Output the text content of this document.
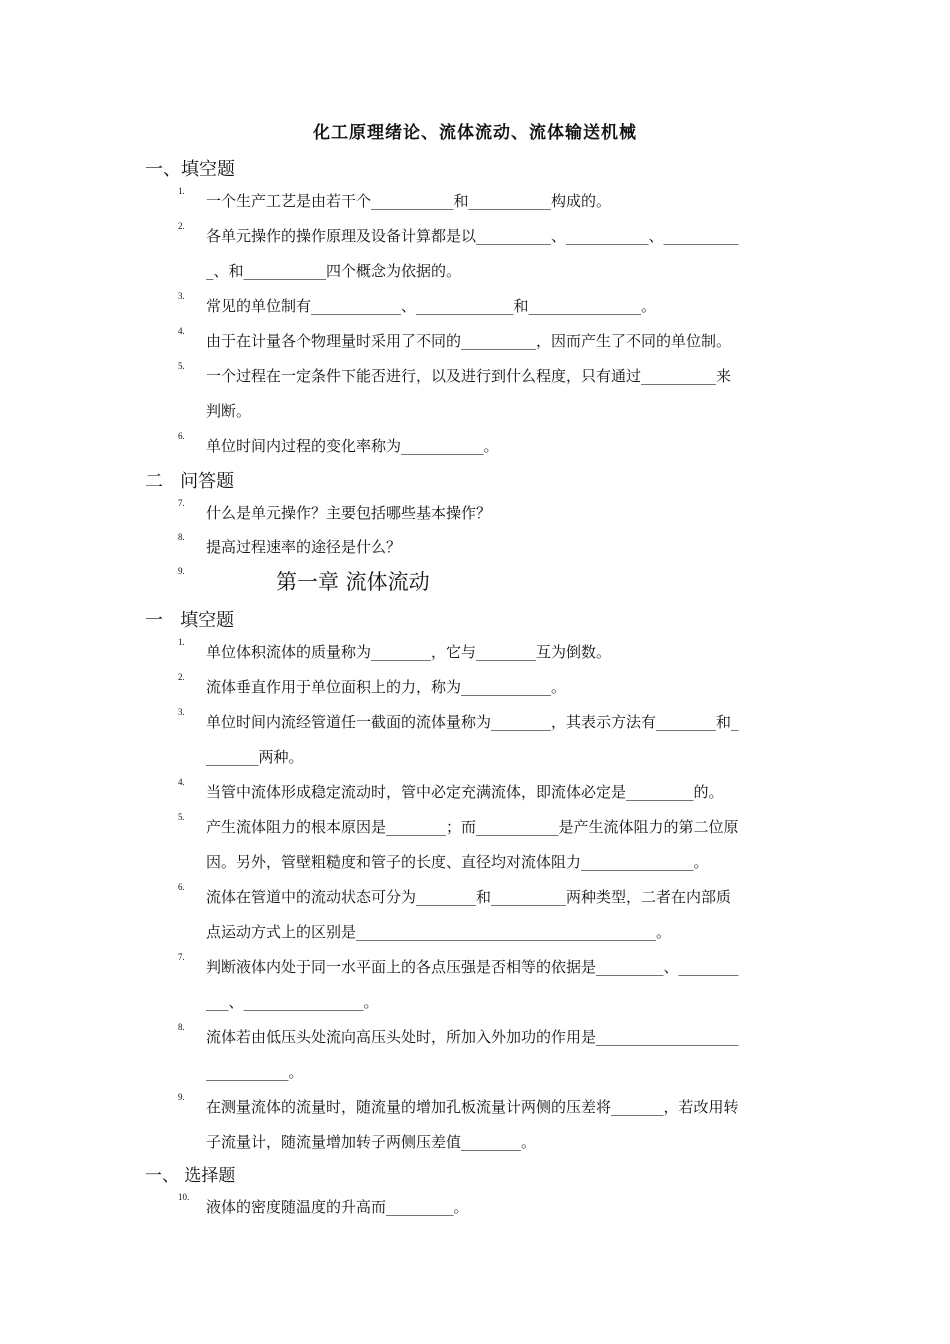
化工原理绪论、流体流动、流体输送机械
一、填空题
二   问答题
第一章 流体流动
一   填空题
一、 选择题
1.
一个生产工艺是由若干个___________和___________构成的。
2.
各单元操作的操作原理及设备计算都是以__________、___________、__________
_、和___________四个概念为依据的。
3.
常见的单位制有____________、_____________和_______________。
4.
由于在计量各个物理量时采用了不同的__________，因而产生了不同的单位制。
5.
一个过程在一定条件下能否进行，以及进行到什么程度，只有通过__________来
判断。
6.
单位时间内过程的变化率称为___________。
7.
什么是单元操作？主要包括哪些基本操作？
8.
提高过程速率的途径是什么？
9.
1.
单位体积流体的质量称为________，它与________互为倒数。
2.
流体垂直作用于单位面积上的力，称为____________。
3.
单位时间内流经管道任一截面的流体量称为________，其表示方法有________和_
_______两种。
4.
当管中流体形成稳定流动时，管中必定充满流体，即流体必定是_________的。
5.
产生流体阻力的根本原因是________；而___________是产生流体阻力的第二位原
因。另外，管壁粗糙度和管子的长度、直径均对流体阻力_______________。
6.
流体在管道中的流动状态可分为________和__________两种类型，二者在内部质
点运动方式上的区别是________________________________________。
7.
判断液体内处于同一水平面上的各点压强是否相等的依据是_________、________
___、________________。
8.
流体若由低压头处流向高压头处时，所加入外加功的作用是___________________
___________。
9.
在测量流体的流量时，随流量的增加孔板流量计两侧的压差将_______，若改用转
子流量计，随流量增加转子两侧压差值________。
10.
液体的密度随温度的升高而_________。
